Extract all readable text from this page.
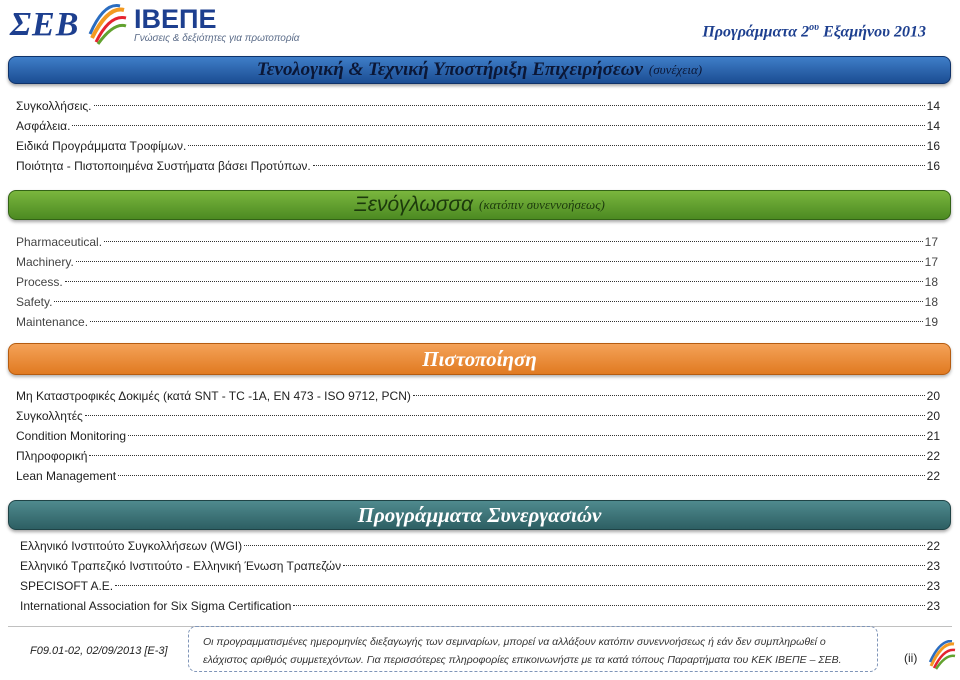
ΣΕΒ ΙΒΕΠΕ
Γνώσεις & δεξιότητες για πρωτοπορία	Προγράμματα $2^{o\upsilon}$ Εξαμήνου 2013
Τενολογική & Τεχνική Υποστήριξη Επιχειρήσεων (συνέχεια)
Συγκολλήσεις.	14
Ασφάλεια.	14
Ειδικά Προγράμματα Τροφίμων.	16
Ποιότητα - Πιστοποιημένα Συστήματα βάσει Προτύπων.	16
Ξενόγλωσσα (κατόπιν συνεννοήσεως)
Pharmaceutical.	17
Machinery.	17
Process.	18
Safety.	18
Maintenance.	19
Πιστοποίηση
Μη Καταστροφικές Δοκιμές (κατά SNT - TC -1A, EN 473 - ISO 9712, PCN)	20
Συγκολλητές	20
Condition Monitoring	21
Πληροφορική	22
Lean Management	22
Προγράμματα Συνεργασιών
Ελληνικό Ινστιτούτο Συγκολλήσεων (WGI)	22
Ελληνικό Τραπεζικό Ινστιτούτο - Ελληνική Ένωση Τραπεζών	23
SPECISOFT A.E.	23
International Association for Six Sigma Certification	23
F09.01-02, 02/09/2013 [E-3]
Οι προγραμματισμένες ημερομηνίες διεξαγωγής των σεμιναρίων, μπορεί να αλλάξουν κατόπιν συνεννοήσεως ή εάν δεν συμπληρωθεί ο
ελάχιστος αριθμός συμμετεχόντων. Για περισσότερες πληροφορίες επικοινωνήστε με τα κατά τόπους Παραρτήματα του ΚΕΚ ΙΒΕΠΕ – ΣΕΒ.	(ii)
